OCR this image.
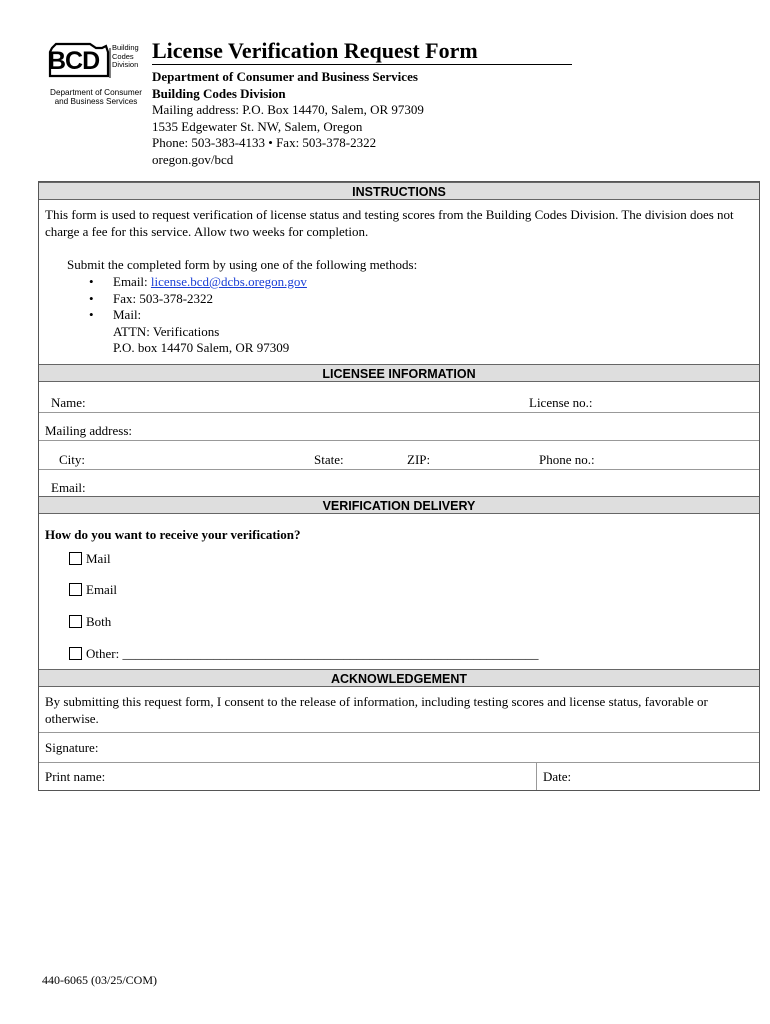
BCD Building
Codes
Division
Department of Consumer
and Business Services
License Verification Request Form
Department of Consumer and Business Services
Building Codes Division
Mailing address: P.O. Box 14470, Salem, OR 97309
1535 Edgewater St. NW, Salem, Oregon
Phone: 503-383-4133 • Fax: 503-378-2322
oregon.gov/bcd
INSTRUCTIONS
This form is used to request verification of license status and testing scores from the Building Codes Division. The division does not charge a fee for this service. Allow two weeks for completion.
Submit the completed form by using one of the following methods:
• Email: license.bcd@dcbs.oregon.gov
• Fax: 503-378-2322
• Mail:
ATTN: Verifications
P.O. box 14470 Salem, OR 97309
LICENSEE INFORMATION
Name:	License no.:
Mailing address:
City:	State:	ZIP:	Phone no.:
Email:
VERIFICATION DELIVERY
How do you want to receive your verification?
Mail
Email
Both
Other: ________________________________________________________________
ACKNOWLEDGEMENT
By submitting this request form, I consent to the release of information, including testing scores and license status, favorable or otherwise.
Signature:
Print name:	Date:
440-6065 (03/25/COM)
